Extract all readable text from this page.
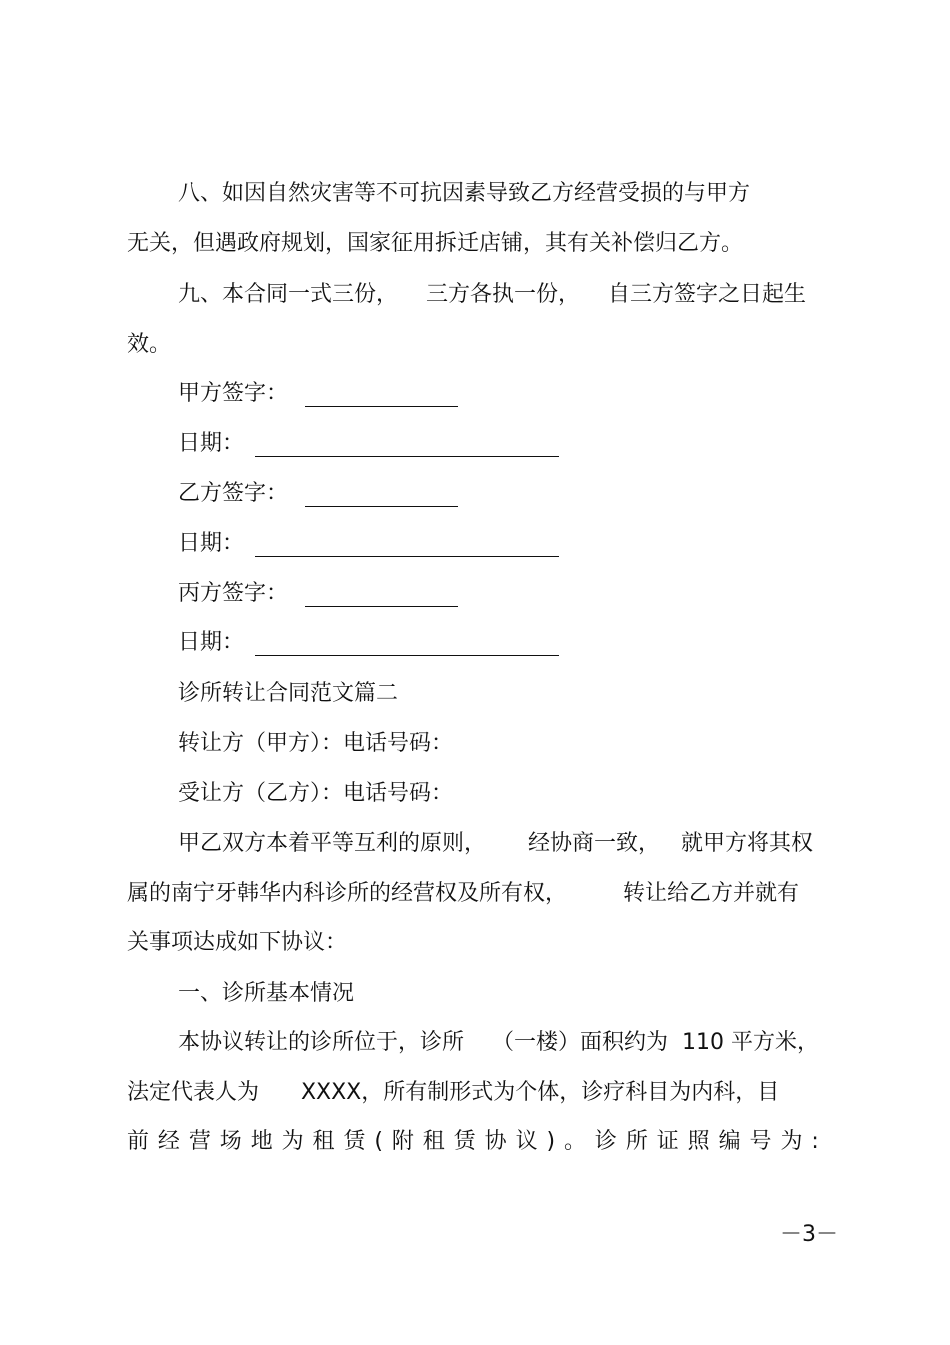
八、如因自然灾害等不可抗因素导致乙方经营受损的与甲方
无关，但遇政府规划，国家征用拆迁店铺，其有关补偿归乙方。
九、本合同一式三份，    三方各执一份，    自三方签字之日起生
效。
甲方签字：
日期：
乙方签字：
日期：
丙方签字：
日期：
诊所转让合同范文篇二
转让方（甲方）：电话号码：
受让方（乙方）：电话号码：
甲乙双方本着平等互利的原则，      经协商一致，   就甲方将其权
属的南宁牙韩华内科诊所的经营权及所有权，        转让给乙方并就有
关事项达成如下协议：
一、诊所基本情况
本协议转让的诊所位于，诊所    （一楼）面积约为  110 平方米，
法定代表人为      XXXX，所有制形式为个体，诊疗科目为内科，目
前 经 营 场 地 为 租 赁 ( 附 租 赁 协 议 ) 。 诊 所 证 照 编 号 为 :
－3－
